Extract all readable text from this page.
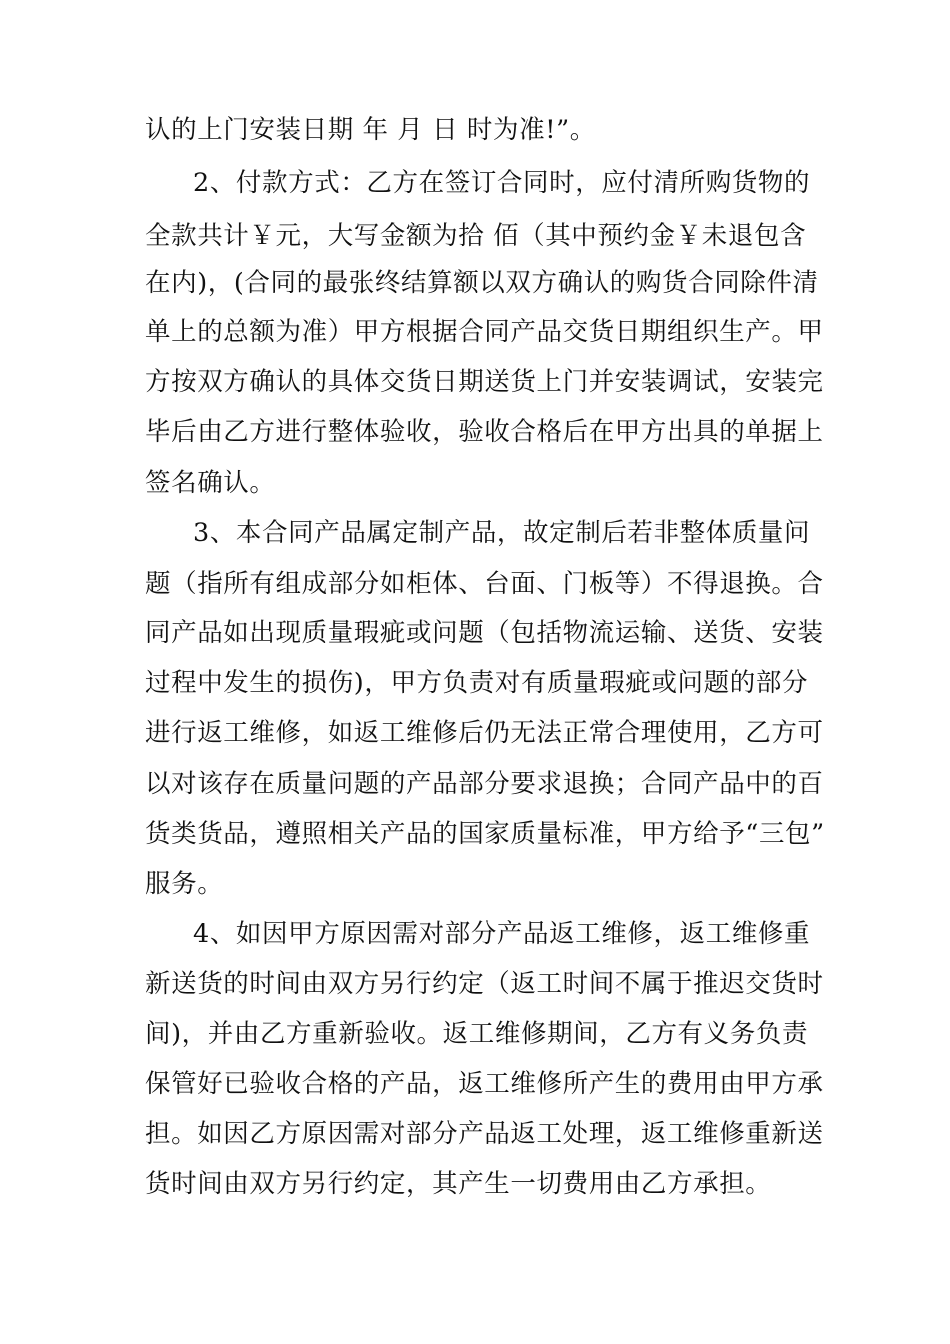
认的上门安装日期 年 月 日 时为准!”。
2、付款方式：乙方在签订合同时，应付清所购货物的
全款共计￥元，大写金额为拾 佰（其中预约金￥未退包含
在内)，(合同的最张终结算额以双方确认的购货合同除件清
单上的总额为准）甲方根据合同产品交货日期组织生产。甲
方按双方确认的具体交货日期送货上门并安装调试，安装完
毕后由乙方进行整体验收，验收合格后在甲方出具的单据上
签名确认。
3、本合同产品属定制产品，故定制后若非整体质量问
题（指所有组成部分如柜体、台面、门板等）不得退换。合
同产品如出现质量瑕疵或问题（包括物流运输、送货、安装
过程中发生的损伤)，甲方负责对有质量瑕疵或问题的部分
进行返工维修，如返工维修后仍无法正常合理使用，乙方可
以对该存在质量问题的产品部分要求退换；合同产品中的百
货类货品，遵照相关产品的国家质量标准，甲方给予“三包”
服务。
4、如因甲方原因需对部分产品返工维修，返工维修重
新送货的时间由双方另行约定（返工时间不属于推迟交货时
间)，并由乙方重新验收。返工维修期间，乙方有义务负责
保管好已验收合格的产品，返工维修所产生的费用由甲方承
担。如因乙方原因需对部分产品返工处理，返工维修重新送
货时间由双方另行约定，其产生一切费用由乙方承担。
